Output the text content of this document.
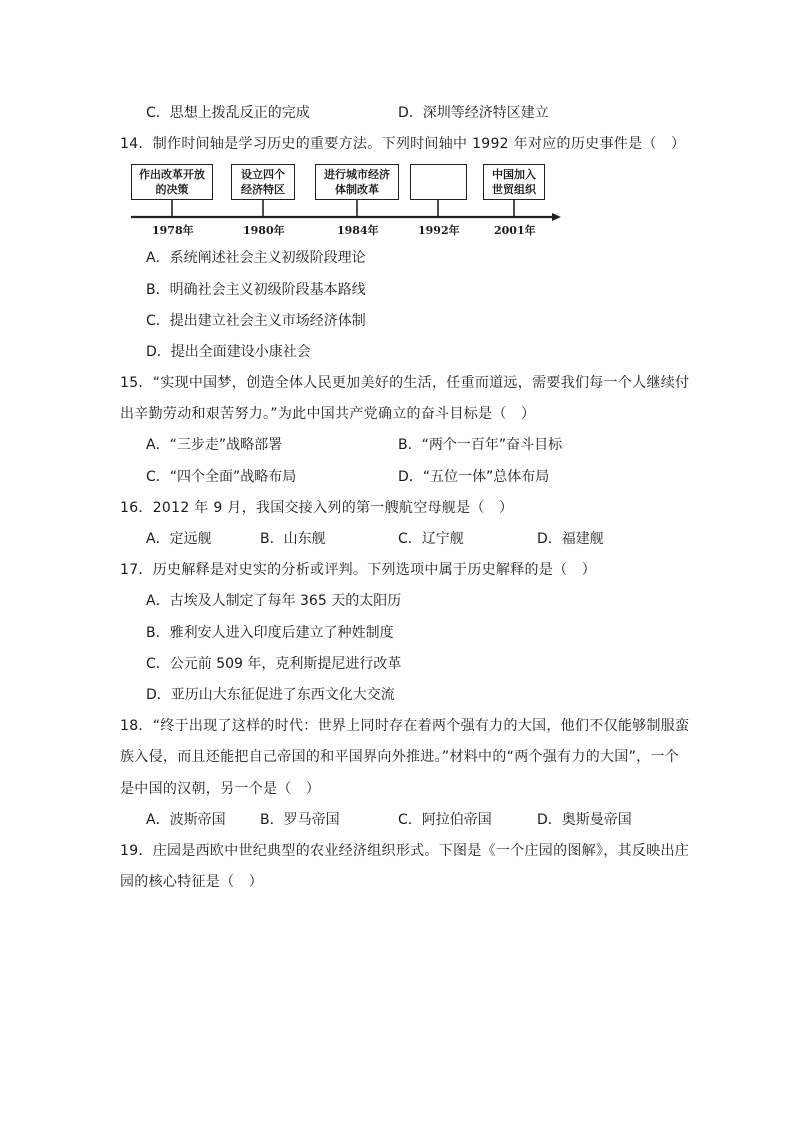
C．思想上拨乱反正的完成	D．深圳等经济特区建立
14．制作时间轴是学习历史的重要方法。下列时间轴中 1992 年对应的历史事件是（　）
作出改革开放
的决策
设立四个
经济特区
进行城市经济
体制改革
中国加入
世贸组织
1978年	1980年	1984年	1992年	2001年
A．系统阐述社会主义初级阶段理论
B．明确社会主义初级阶段基本路线
C．提出建立社会主义市场经济体制
D．提出全面建设小康社会
15．“实现中国梦，创造全体人民更加美好的生活，任重而道远，需要我们每一个人继续付
出辛勤劳动和艰苦努力。”为此中国共产党确立的奋斗目标是（　）
A．“三步走”战略部署	B．“两个一百年”奋斗目标
C．“四个全面”战略布局	D．“五位一体”总体布局
16．2012 年 9 月，我国交接入列的第一艘航空母舰是（　）
A．定远舰	B．山东舰	C．辽宁舰	D．福建舰
17．历史解释是对史实的分析或评判。下列选项中属于历史解释的是（　）
A．古埃及人制定了每年 365 天的太阳历
B．雅利安人进入印度后建立了种姓制度
C．公元前 509 年，克利斯提尼进行改革
D．亚历山大东征促进了东西文化大交流
18．“终于出现了这样的时代：世界上同时存在着两个强有力的大国，他们不仅能够制服蛮
族入侵，而且还能把自己帝国的和平国界向外推进。”材料中的“两个强有力的大国”，一个
是中国的汉朝，另一个是（　）
A．波斯帝国 B．罗马帝国	C．阿拉伯帝国	D．奥斯曼帝国
19．庄园是西欧中世纪典型的农业经济组织形式。下图是《一个庄园的图解》，其反映出庄
园的核心特征是（　）
